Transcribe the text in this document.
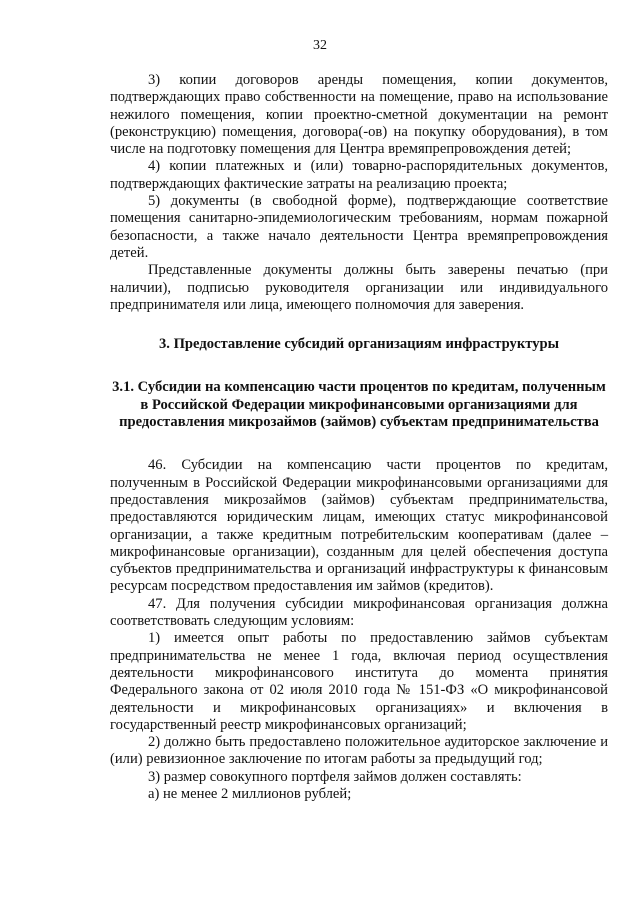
32

3) копии договоров аренды помещения, копии документов, подтверждающих право собственности на помещение, право на использование нежилого помещения, копии проектно-сметной документации на ремонт (реконструкцию) помещения, договора(-ов) на покупку оборудования), в том числе на подготовку помещения для Центра времяпрепровождения детей;

4) копии платежных и (или) товарно-распорядительных документов, подтверждающих фактические затраты на реализацию проекта;

5) документы (в свободной форме), подтверждающие соответствие помещения санитарно-эпидемиологическим требованиям, нормам пожарной безопасности, а также начало деятельности Центра времяпрепровождения детей.

Представленные документы должны быть заверены печатью (при наличии), подписью руководителя организации или индивидуального предпринимателя или лица, имеющего полномочия для заверения.

3. Предоставление субсидий организациям инфраструктуры
3.1. Субсидии на компенсацию части процентов по кредитам, полученным в Российской Федерации микрофинансовыми организациями для предоставления микрозаймов (займов) субъектам предпринимательства

46. Субсидии на компенсацию части процентов по кредитам, полученным в Российской Федерации микрофинансовыми организациями для предоставления микрозаймов (займов) субъектам предпринимательства, предоставляются юридическим лицам, имеющих статус микрофинансовой организации, а также кредитным потребительским кооперативам (далее – микрофинансовые организации), созданным для целей обеспечения доступа субъектов предпринимательства и организаций инфраструктуры к финансовым ресурсам посредством предоставления им займов (кредитов).

47. Для получения субсидии микрофинансовая организация должна соответствовать следующим условиям:

1) имеется опыт работы по предоставлению займов субъектам предпринимательства не менее 1 года, включая период осуществления деятельности микрофинансового института до момента принятия Федерального закона от 02 июля 2010 года № 151-ФЗ «О микрофинансовой деятельности и микрофинансовых организациях» и включения в государственный реестр микрофинансовых организаций;

2) должно быть предоставлено положительное аудиторское заключение и (или) ревизионное заключение по итогам работы за предыдущий год;

3) размер совокупного портфеля займов должен составлять:

а) не менее 2 миллионов рублей;
